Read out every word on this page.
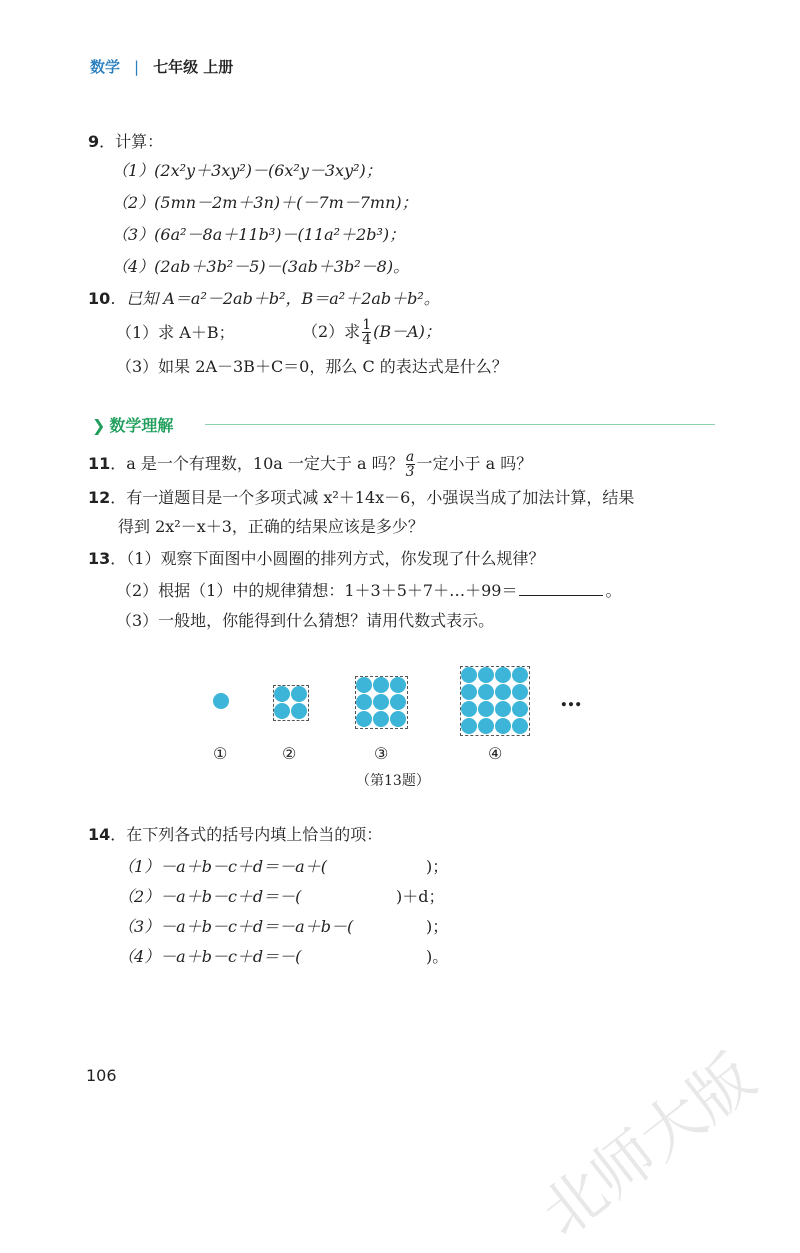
数学 | 七年级 上册
9．计算：
（1）(2x²y＋3xy²)－(6x²y－3xy²)；
（2）(5mn－2m＋3n)＋(－7m－7mn)；
（3）(6a²－8a＋11b³)－(11a²＋2b³)；
（4）(2ab＋3b²－5)－(3ab＋3b²－8)。
10．已知 A＝a²－2ab＋b²，B＝a²＋2ab＋b²。
（1）求 A＋B；	（2）求 $\frac{1}{4} (B-A)$；
（3）如果 2A－3B＋C＝0，那么 C 的表达式是什么？
❯ 数学理解
11．a 是一个有理数，10a 一定大于 a 吗？ $\frac{a}{3}$ 一定小于 a 吗？
12．有一道题目是一个多项式减 x²＋14x－6，小强误当成了加法计算，结果
得到 2x²－x＋3，正确的结果应该是多少？
13．（1）观察下面图中小圆圈的排列方式，你发现了什么规律？
（2）根据（1）中的规律猜想：1＋3＋5＋7＋…＋99＝	。
（3）一般地，你能得到什么猜想？请用代数式表示。
…
①	②	③	④
（第13题）
14．在下列各式的括号内填上恰当的项：
（1）－a＋b－c＋d＝－a＋(	)；
（2）－a＋b－c＋d＝－(	)＋d；
（3）－a＋b－c＋d＝－a＋b－(	)；
（4）－a＋b－c＋d＝－(	)。
106	北师大版
